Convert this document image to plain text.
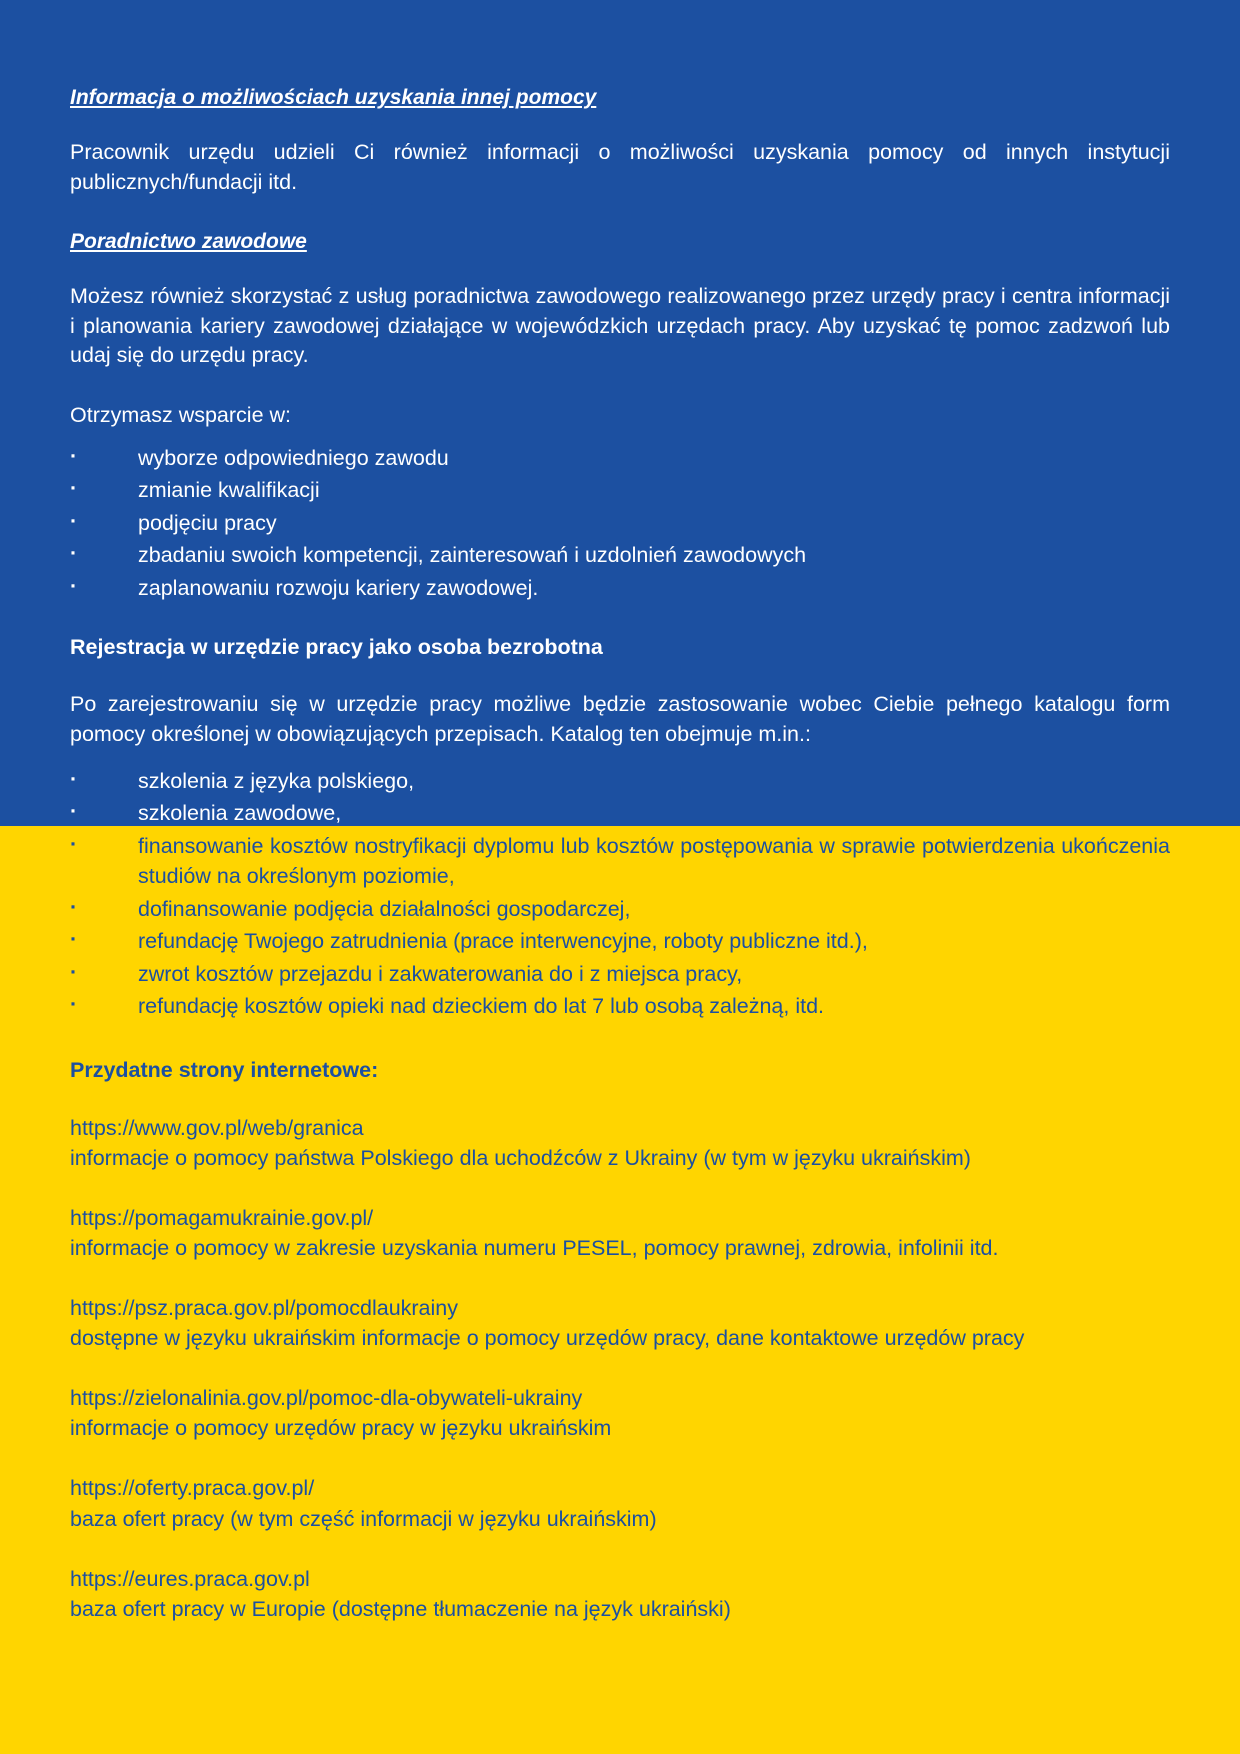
Informacja o możliwościach uzyskania innej pomocy

Pracownik urzędu udzieli Ci również informacji o możliwości uzyskania pomocy od innych instytucji publicznych/fundacji itd.

Poradnictwo zawodowe

Możesz również skorzystać z usług poradnictwa zawodowego realizowanego przez urzędy pracy i centra informacji i planowania kariery zawodowej działające w wojewódzkich urzędach pracy. Aby uzyskać tę pomoc zadzwoń lub udaj się do urzędu pracy.

Otrzymasz wsparcie w:

· wyborze odpowiedniego zawodu
· zmianie kwalifikacji
· podjęciu pracy
· zbadaniu swoich kompetencji, zainteresowań i uzdolnień zawodowych
· zaplanowaniu rozwoju kariery zawodowej.
Rejestracja w urzędzie pracy jako osoba bezrobotna

Po zarejestrowaniu się w urzędzie pracy możliwe będzie zastosowanie wobec Ciebie pełnego katalogu form pomocy określonej w obowiązujących przepisach. Katalog ten obejmuje m.in.:

· szkolenia z języka polskiego,
· szkolenia zawodowe,
· finansowanie kosztów nostryfikacji dyplomu lub kosztów postępowania w sprawie potwierdzenia ukończenia studiów na określonym poziomie,
· dofinansowanie podjęcia działalności gospodarczej,
· refundację Twojego zatrudnienia (prace interwencyjne, roboty publiczne itd.),
· zwrot kosztów przejazdu i zakwaterowania do i z miejsca pracy,
· refundację kosztów opieki nad dzieckiem do lat 7 lub osobą zależną, itd.
Przydatne strony internetowe:
https://www.gov.pl/web/granica
informacje o pomocy państwa Polskiego dla uchodźców z Ukrainy (w tym w języku ukraińskim)
https://pomagamukrainie.gov.pl/
informacje o pomocy w zakresie uzyskania numeru PESEL, pomocy prawnej, zdrowia, infolinii itd.
https://psz.praca.gov.pl/pomocdlaukrainy
dostępne w języku ukraińskim informacje o pomocy urzędów pracy, dane kontaktowe urzędów pracy
https://zielonalinia.gov.pl/pomoc-dla-obywateli-ukrainy
informacje o pomocy urzędów pracy w języku ukraińskim
https://oferty.praca.gov.pl/
baza ofert pracy (w tym część informacji w języku ukraińskim)
https://eures.praca.gov.pl
baza ofert pracy w Europie (dostępne tłumaczenie na język ukraiński)
